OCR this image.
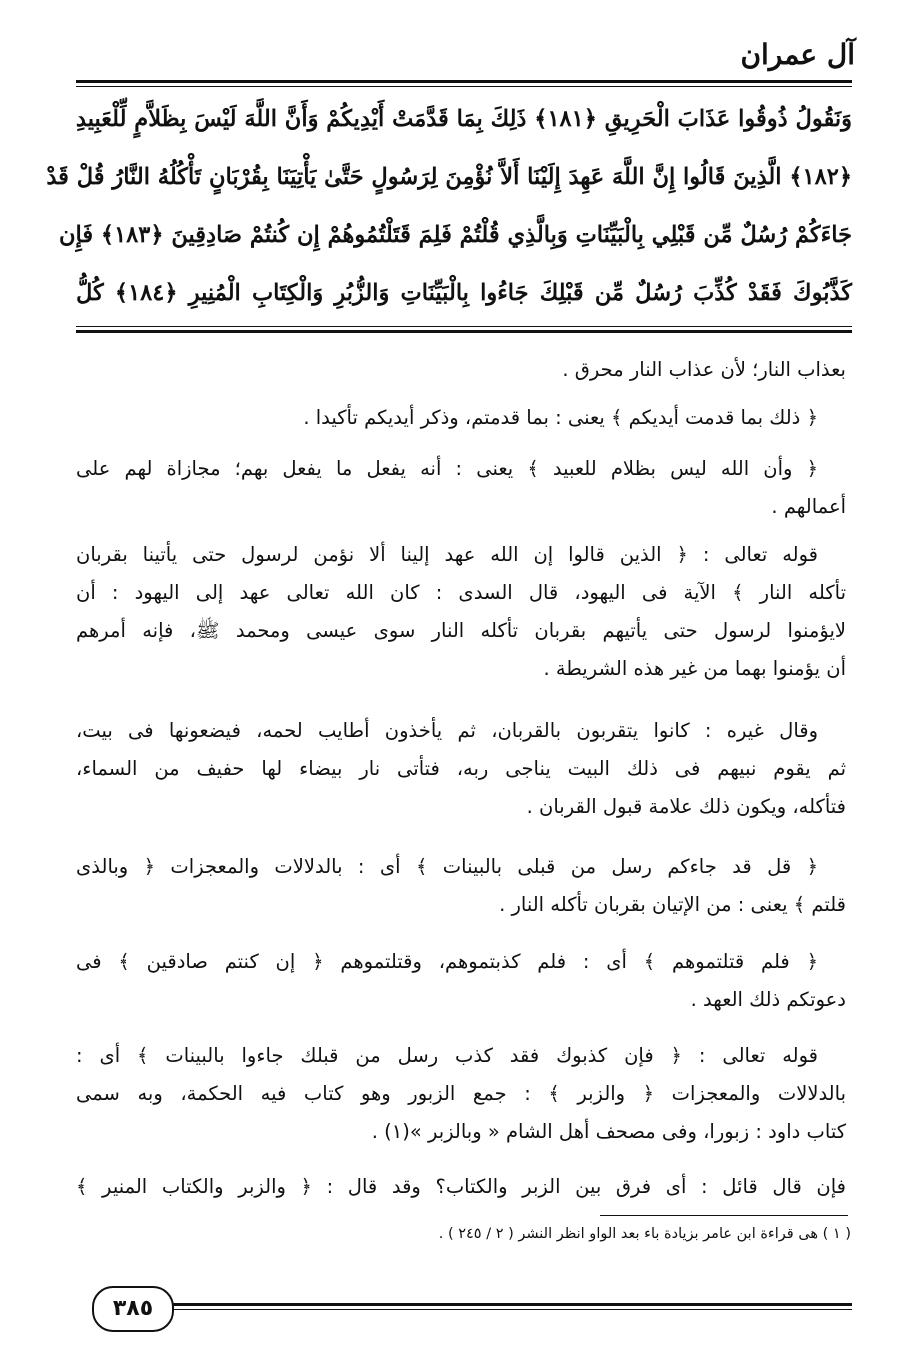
آل عمران
وَنَقُولُ ذُوقُوا عَذَابَ الْحَرِيقِ ﴿١٨١﴾ ذَلِكَ بِمَا قَدَّمَتْ أَيْدِيكُمْ وَأَنَّ اللَّهَ لَيْسَ بِظَلاَّمٍ لِّلْعَبِيدِ
﴿١٨٢﴾ الَّذِينَ قَالُوا إِنَّ اللَّهَ عَهِدَ إِلَيْنَا أَلاَّ نُؤْمِنَ لِرَسُولٍ حَتَّىٰ يَأْتِيَنَا بِقُرْبَانٍ تَأْكُلُهُ النَّارُ قُلْ قَدْ
جَاءَكُمْ رُسُلٌ مِّن قَبْلِي بِالْبَيِّنَاتِ وَبِالَّذِي قُلْتُمْ فَلِمَ قَتَلْتُمُوهُمْ إِن كُنتُمْ صَادِقِينَ ﴿١٨٣﴾ فَإِن
كَذَّبُوكَ فَقَدْ كُذِّبَ رُسُلٌ مِّن قَبْلِكَ جَاءُوا بِالْبَيِّنَاتِ وَالزُّبُرِ وَالْكِتَابِ الْمُنِيرِ ﴿١٨٤﴾ كُلُّ
بعذاب النار؛ لأن عذاب النار محرق .
﴿ ذلك بما قدمت أيديكم ﴾ يعنى : بما قدمتم، وذكر أيديكم تأكيدا .
﴿ وأن الله ليس بظلام للعبيد ﴾ يعنى : أنه يفعل ما يفعل بهم؛ مجازاة لهم على
أعمالهم .
قوله تعالى : ﴿ الذين قالوا إن الله عهد إلينا ألا نؤمن لرسول حتى يأتينا بقربان
تأكله النار ﴾ الآية فى اليهود، قال السدى : كان الله تعالى عهد إلى اليهود : أن
لايؤمنوا لرسول حتى يأتيهم بقربان تأكله النار سوى عيسى ومحمد ﷺ، فإنه أمرهم
أن يؤمنوا بهما من غير هذه الشريطة .
وقال غيره : كانوا يتقربون بالقربان، ثم يأخذون أطايب لحمه، فيضعونها فى بيت،
ثم يقوم نبيهم فى ذلك البيت يناجى ربه، فتأتى نار بيضاء لها حفيف من السماء،
فتأكله، ويكون ذلك علامة قبول القربان .
﴿ قل قد جاءكم رسل من قبلى بالبينات ﴾ أى : بالدلالات والمعجزات ﴿ وبالذى
قلتم ﴾ يعنى : من الإتيان بقربان تأكله النار .
﴿ فلم قتلتموهم ﴾ أى : فلم كذبتموهم، وقتلتموهم ﴿ إن كنتم صادقين ﴾ فى
دعوتكم ذلك العهد .
قوله تعالى : ﴿ فإن كذبوك فقد كذب رسل من قبلك جاءوا بالبينات ﴾ أى :
بالدلالات والمعجزات ﴿ والزبر ﴾ : جمع الزبور وهو كتاب فيه الحكمة، وبه سمى
كتاب داود : زبورا، وفى مصحف أهل الشام « وبالزبر »(١) .
فإن قال قائل : أى فرق بين الزبر والكتاب؟ وقد قال : ﴿ والزبر والكتاب المنير ﴾
( ١ ) هى قراءة ابن عامر بزيادة باء بعد الواو انظر النشر ( ٢ / ٢٤٥ ) .
٣٨٥
